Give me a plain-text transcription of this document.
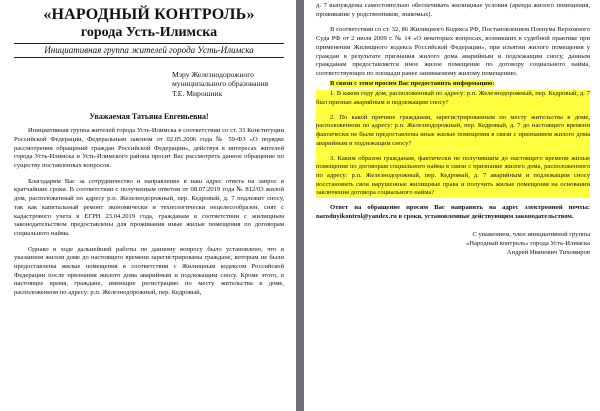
«НАРОДНЫЙ КОНТРОЛЬ»
города Усть-Илимска
Инициативная группа жителей города Усть-Илимска
Мэру Железнодорожного
муниципального образования
Т.Е. Мирошник
Уважаемая Татьяна Евгеньевна!

Инициативная группа жителей города Усть-Илимска в соответствии со ст. 33 Конституции Российской Федерации, Федеральным законом от 02.05.2006 года № 59-ФЗ «О порядке рассмотрения обращений граждан Российской Федерации», действуя в интересах жителей города Усть-Илимска и Усть-Илимского района просит Вас рассмотреть данное обращение по существу поставленных вопросов.

Благодарим Вас за сотрудничество и направление в наш адрес ответа на запрос в кратчайшие сроки. В соответствии с полученным ответом от 08.07.2019 года № 812/03 жилой дом, расположенный по адресу р.п. Железнодорожный, пер. Кедровый, д. 7 подлежит сносу, так как капитальный ремонт экономически и технологически нецелесообразен, снят с кадастрового учета в ЕГРН 23.04.2019 года, гражданам в соответствии с жилищным законодательством предоставлены для проживания иные жилые помещения по договорам социального найма.

Однако в ходе дальнейшей работы по данному вопросу было установлено, что в указанном жилом доме до настоящего времени зарегистрированы граждане, которым не были предоставлены жилые помещения в соответствии с Жилищным кодексом Российской Федерации после признания жилого дома аварийным и подлежащим сносу. Кроме этого, в настоящее время, граждане, имеющие регистрацию по месту жительства в доме, расположенном по адресу: р.п. Железнодорожный, пер. Кедровый,

д. 7 вынуждены самостоятельно обеспечивать жилищные условия (аренда жилого помещения, проживание у родственников, знакомых).

В соответствии со ст. 32, 86 Жилищного Кодекса РФ, Постановлением Пленума Верховного Суда РФ от 2 июля 2009 г. № 14 «О некоторых вопросах, возникших в судебной практике при применении Жилищного кодекса Российской Федерации», при изъятии жилого помещения у граждан в результате признания жилого дома аварийным и подлежащим сносу, данным гражданам предоставляется иное жилое помещение по договору социального найма, соответствующее по площади ранее занимаемому жилому помещению.

В связи с этим просим Вас предоставить информацию:

1. В каком году дом, расположенный по адресу: р.п. Железнодорожный, пер. Кедровый, д. 7 был признан аварийным и подлежащим сносу?

2. По какой причине гражданам, зарегистрированным по месту жительства в доме, расположенном по адресу: р.п. Железнодорожный, пер. Кедровый, д. 7 до настоящего времени фактически не были предоставлены иные жилые помещения в связи с признанием жилого дома аварийным и подлежащим сносу?

3. Каким образом гражданам, фактически не получившим до настоящего времени жилые помещения по договорам социального найма в связи с признание жилого дома, расположенного по адресу: р.п. Железнодорожный, пер. Кедровый, д. 7 аварийным и подлежащим сносу восстановить свои нарушенные жилищные права и получить жилые помещения на основании заключения договора социального найма?

Ответ на обращение просим Вас направить на адрес электронной почты: narodnyikontrol@yandex.ru в сроки, установленные действующим законодательством.

С уважением, член инициативной группы

«Народный контроль» города Усть-Илимска

Андрей Иванович Тихомиров
